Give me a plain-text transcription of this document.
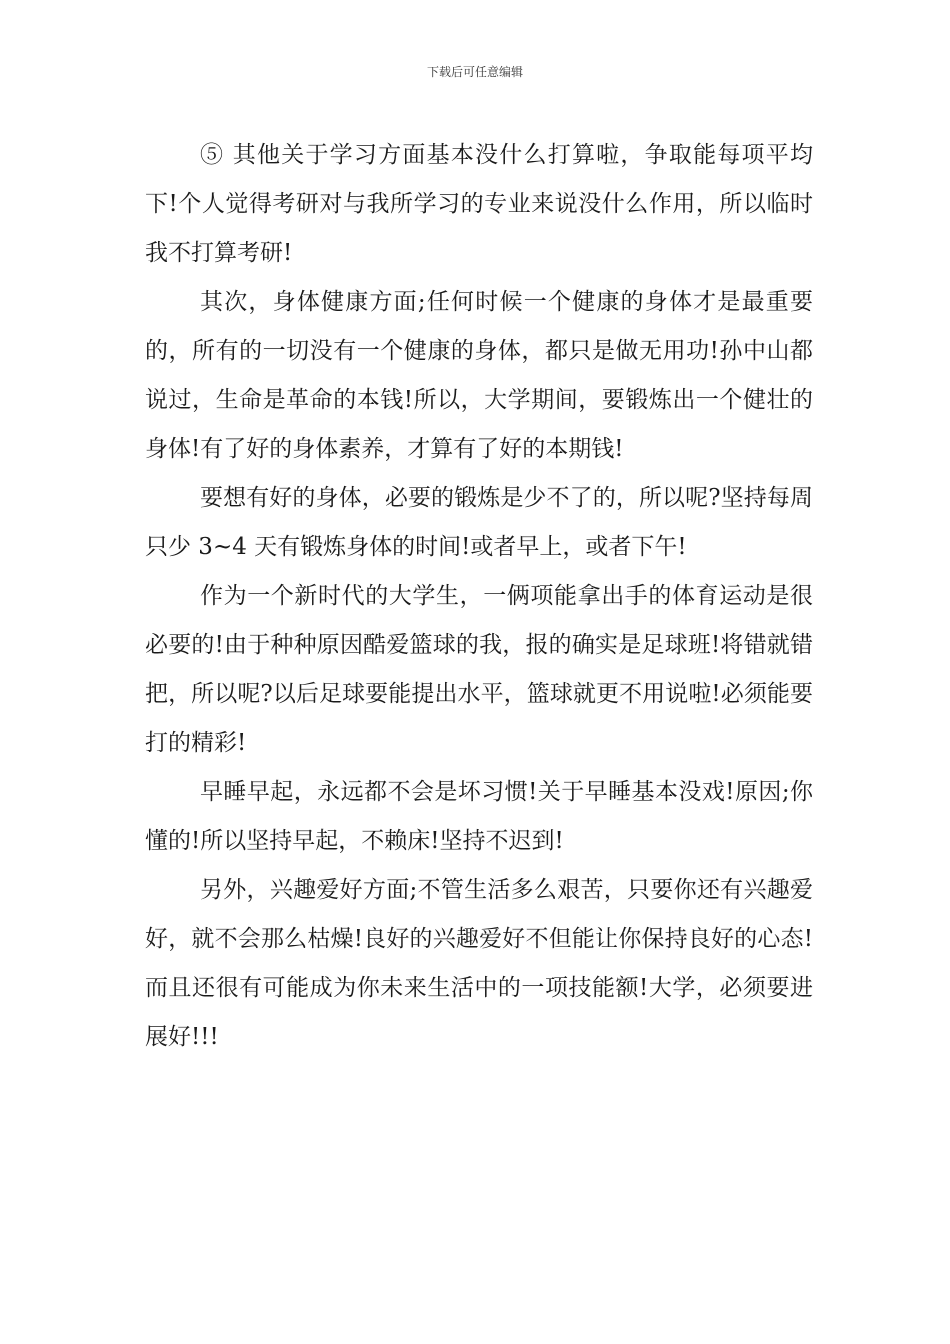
下载后可任意编辑

⑤ 其他关于学习方面基本没什么打算啦，争取能每项平均下!个人觉得考研对与我所学习的专业来说没什么作用，所以临时我不打算考研!

其次，身体健康方面;任何时候一个健康的身体才是最重要的，所有的一切没有一个健康的身体，都只是做无用功!孙中山都说过，生命是革命的本钱!所以，大学期间，要锻炼出一个健壮的身体!有了好的身体素养，才算有了好的本期钱!

要想有好的身体，必要的锻炼是少不了的，所以呢?坚持每周只少 3~4 天有锻炼身体的时间!或者早上，或者下午!

作为一个新时代的大学生，一俩项能拿出手的体育运动是很必要的!由于种种原因酷爱篮球的我，报的确实是足球班!将错就错把，所以呢?以后足球要能提出水平，篮球就更不用说啦!必须能要打的精彩!

早睡早起，永远都不会是坏习惯!关于早睡基本没戏!原因;你懂的!所以坚持早起，不赖床!坚持不迟到!

另外，兴趣爱好方面;不管生活多么艰苦，只要你还有兴趣爱好，就不会那么枯燥!良好的兴趣爱好不但能让你保持良好的心态!而且还很有可能成为你未来生活中的一项技能额!大学，必须要进展好!!!
